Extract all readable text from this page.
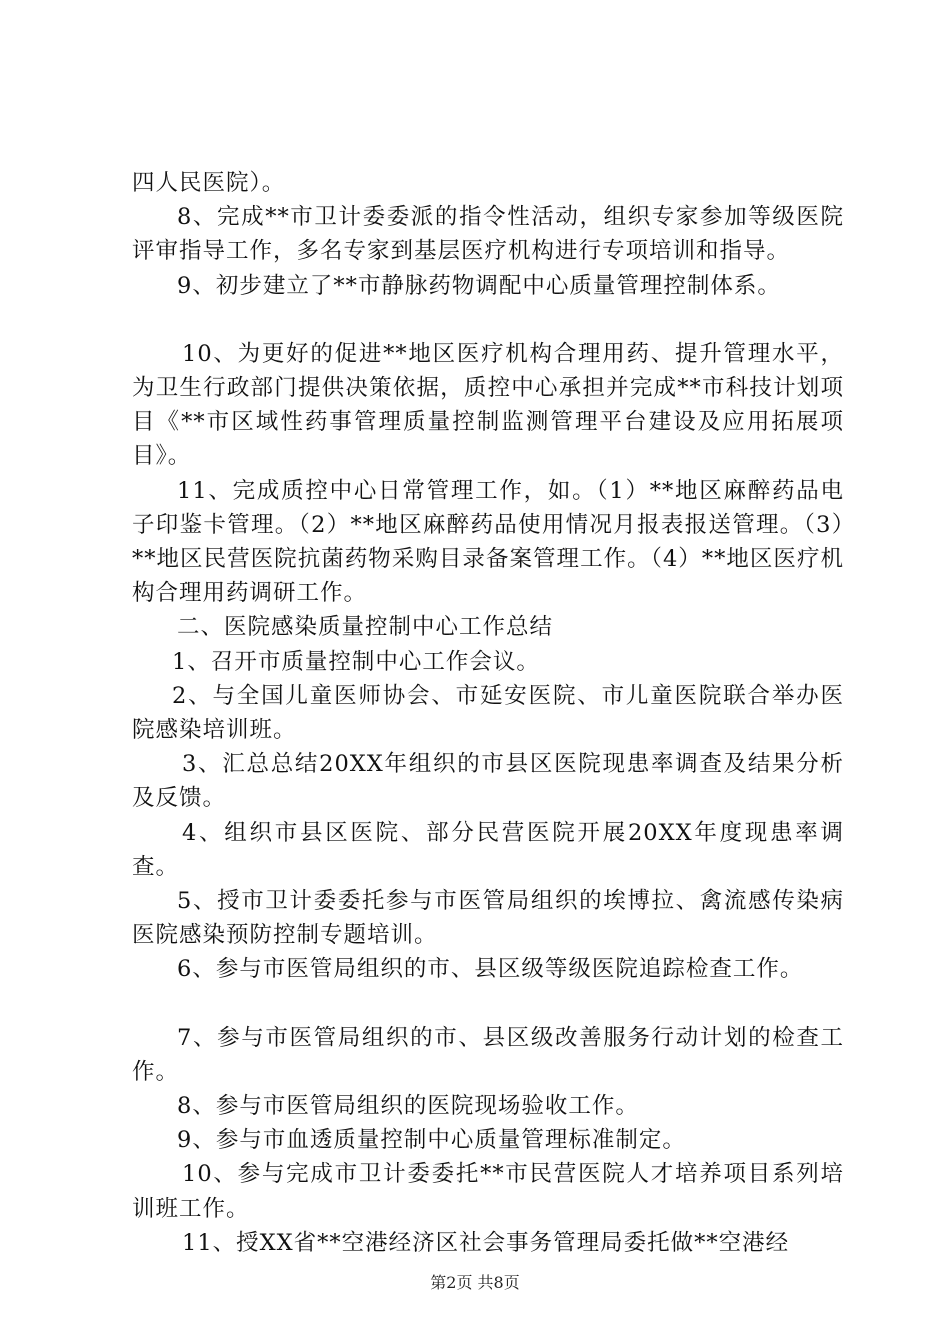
四人民医院）。

8、完成**市卫计委委派的指令性活动，组织专家参加等级医院评审指导工作，多名专家到基层医疗机构进行专项培训和指导。

9、初步建立了**市静脉药物调配中心质量管理控制体系。

10、为更好的促进**地区医疗机构合理用药、提升管理水平，为卫生行政部门提供决策依据，质控中心承担并完成**市科技计划项目《**市区域性药事管理质量控制监测管理平台建设及应用拓展项目》。

11、完成质控中心日常管理工作，如。（1）**地区麻醉药品电子印鉴卡管理。（2）**地区麻醉药品使用情况月报表报送管理。（3）**地区民营医院抗菌药物采购目录备案管理工作。（4）**地区医疗机构合理用药调研工作。

二、医院感染质量控制中心工作总结

1、召开市质量控制中心工作会议。

2、与全国儿童医师协会、市延安医院、市儿童医院联合举办医院感染培训班。

3、汇总总结20XX年组织的市县区医院现患率调查及结果分析及反馈。

4、组织市县区医院、部分民营医院开展20XX年度现患率调查。

5、授市卫计委委托参与市医管局组织的埃博拉、禽流感传染病医院感染预防控制专题培训。

6、参与市医管局组织的市、县区级等级医院追踪检查工作。

7、参与市医管局组织的市、县区级改善服务行动计划的检查工作。

8、参与市医管局组织的医院现场验收工作。

9、参与市血透质量控制中心质量管理标准制定。

10、参与完成市卫计委委托**市民营医院人才培养项目系列培训班工作。

11、授XX省**空港经济区社会事务管理局委托做**空港经

第2页 共8页
